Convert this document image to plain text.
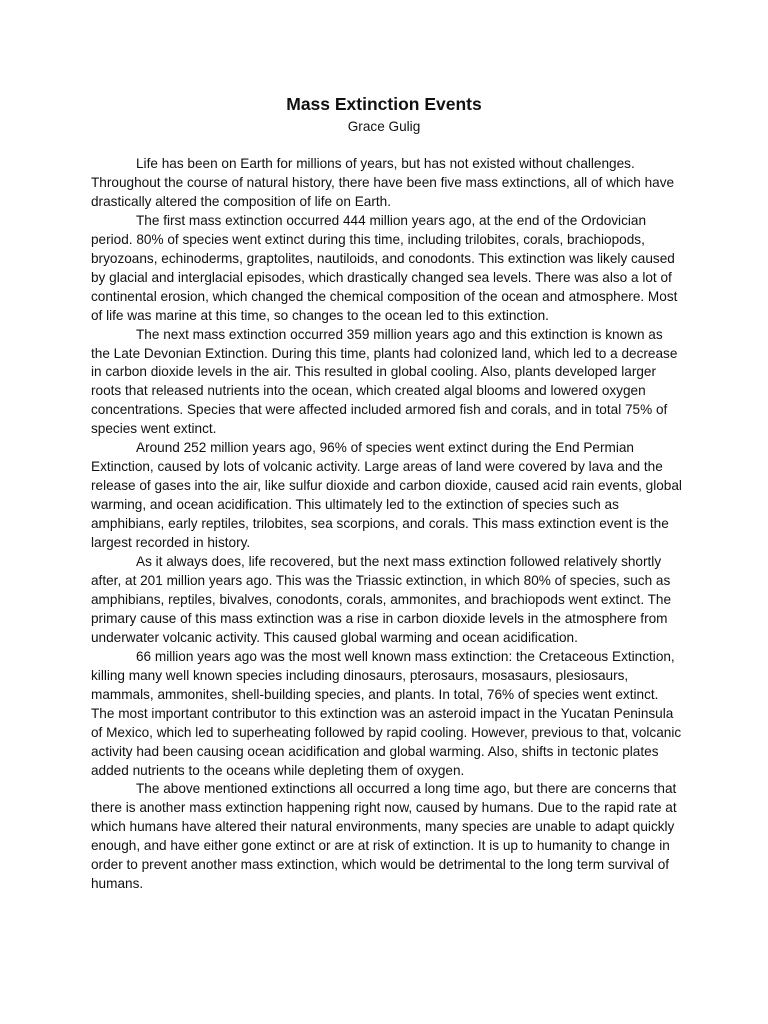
Mass Extinction Events
Grace Gulig

Life has been on Earth for millions of years, but has not existed without challenges. Throughout the course of natural history, there have been five mass extinctions, all of which have drastically altered the composition of life on Earth.

The first mass extinction occurred 444 million years ago, at the end of the Ordovician period. 80% of species went extinct during this time, including trilobites, corals, brachiopods, bryozoans, echinoderms, graptolites, nautiloids, and conodonts. This extinction was likely caused by glacial and interglacial episodes, which drastically changed sea levels. There was also a lot of continental erosion, which changed the chemical composition of the ocean and atmosphere. Most of life was marine at this time, so changes to the ocean led to this extinction.

The next mass extinction occurred 359 million years ago and this extinction is known as the Late Devonian Extinction. During this time, plants had colonized land, which led to a decrease in carbon dioxide levels in the air. This resulted in global cooling. Also, plants developed larger roots that released nutrients into the ocean, which created algal blooms and lowered oxygen concentrations. Species that were affected included armored fish and corals, and in total 75% of species went extinct.

Around 252 million years ago, 96% of species went extinct during the End Permian Extinction, caused by lots of volcanic activity. Large areas of land were covered by lava and the release of gases into the air, like sulfur dioxide and carbon dioxide, caused acid rain events, global warming, and ocean acidification. This ultimately led to the extinction of species such as amphibians, early reptiles, trilobites, sea scorpions, and corals. This mass extinction event is the largest recorded in history.

As it always does, life recovered, but the next mass extinction followed relatively shortly after, at 201 million years ago. This was the Triassic extinction, in which 80% of species, such as amphibians, reptiles, bivalves, conodonts, corals, ammonites, and brachiopods went extinct. The primary cause of this mass extinction was a rise in carbon dioxide levels in the atmosphere from underwater volcanic activity. This caused global warming and ocean acidification.

66 million years ago was the most well known mass extinction: the Cretaceous Extinction, killing many well known species including dinosaurs, pterosaurs, mosasaurs, plesiosaurs, mammals, ammonites, shell-building species, and plants. In total, 76% of species went extinct. The most important contributor to this extinction was an asteroid impact in the Yucatan Peninsula of Mexico, which led to superheating followed by rapid cooling. However, previous to that, volcanic activity had been causing ocean acidification and global warming. Also, shifts in tectonic plates added nutrients to the oceans while depleting them of oxygen.

The above mentioned extinctions all occurred a long time ago, but there are concerns that there is another mass extinction happening right now, caused by humans. Due to the rapid rate at which humans have altered their natural environments, many species are unable to adapt quickly enough, and have either gone extinct or are at risk of extinction. It is up to humanity to change in order to prevent another mass extinction, which would be detrimental to the long term survival of humans.
